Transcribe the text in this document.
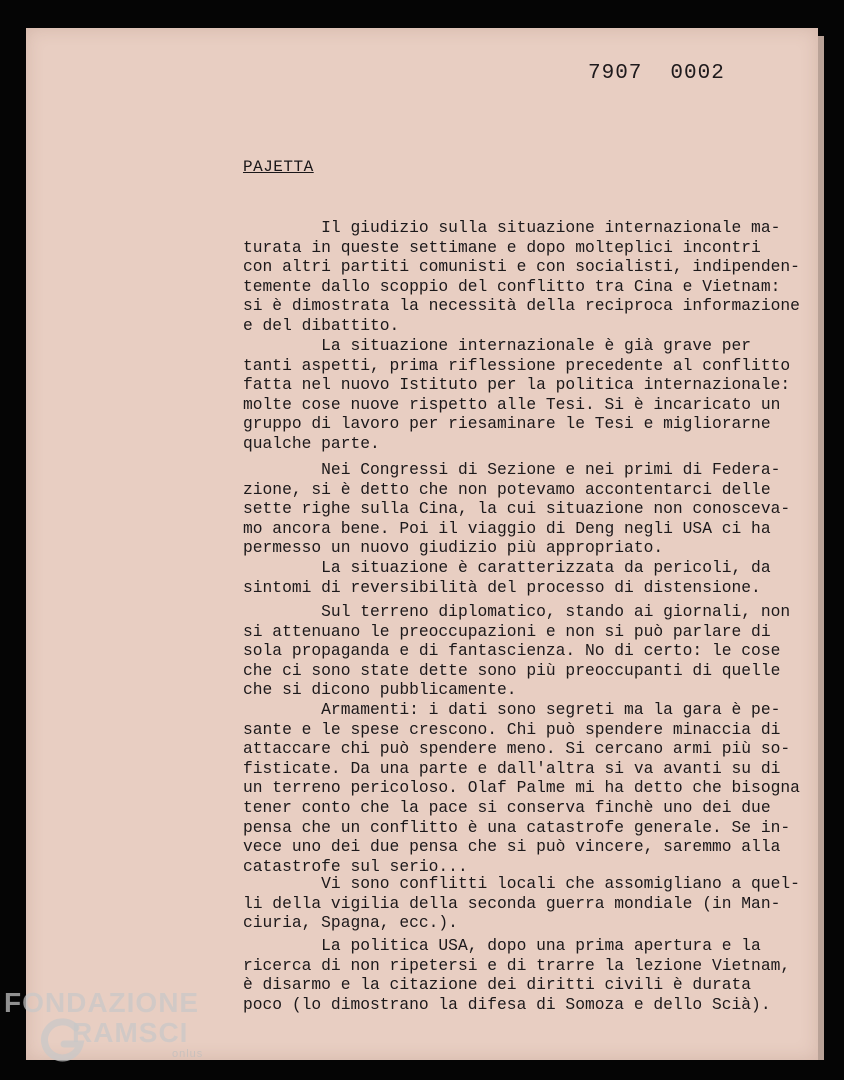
7907 0002
PAJETTA
Il giudizio sulla situazione internazionale ma-
turata in queste settimane e dopo molteplici incontri
con altri partiti comunisti e con socialisti, indipenden-
temente dallo scoppio del conflitto tra Cina e Vietnam:
si è dimostrata la necessità della reciproca informazione
e del dibattito.
La situazione internazionale è già grave per
tanti aspetti, prima riflessione precedente al conflitto
fatta nel nuovo Istituto per la politica internazionale:
molte cose nuove rispetto alle Tesi. Si è incaricato un
gruppo di lavoro per riesaminare le Tesi e migliorarne
qualche parte.
Nei Congressi di Sezione e nei primi di Federa-
zione, si è detto che non potevamo accontentarci delle
sette righe sulla Cina, la cui situazione non conosceva-
mo ancora bene. Poi il viaggio di Deng negli USA ci ha
permesso un nuovo giudizio più appropriato.
La situazione è caratterizzata da pericoli, da
sintomi di reversibilità del processo di distensione.
Sul terreno diplomatico, stando ai giornali, non
si attenuano le preoccupazioni e non si può parlare di
sola propaganda e di fantascienza. No di certo: le cose
che ci sono state dette sono più preoccupanti di quelle
che si dicono pubblicamente.
Armamenti: i dati sono segreti ma la gara è pe-
sante e le spese crescono. Chi può spendere minaccia di
attaccare chi può spendere meno. Si cercano armi più so-
fisticate. Da una parte e dall'altra si va avanti su di
un terreno pericoloso. Olaf Palme mi ha detto che bisogna
tener conto che la pace si conserva finchè uno dei due
pensa che un conflitto è una catastrofe generale. Se in-
vece uno dei due pensa che si può vincere, saremmo alla
catastrofe sul serio...
Vi sono conflitti locali che assomigliano a quel-
li della vigilia della seconda guerra mondiale (in Man-
ciuria, Spagna, ecc.).
La politica USA, dopo una prima apertura e la
ricerca di non ripetersi e di trarre la lezione Vietnam,
è disarmo e la citazione dei diritti civili è durata
poco (lo dimostrano la difesa di Somoza e dello Scià).
FONDAZIONE
RAMSCI
onlus
